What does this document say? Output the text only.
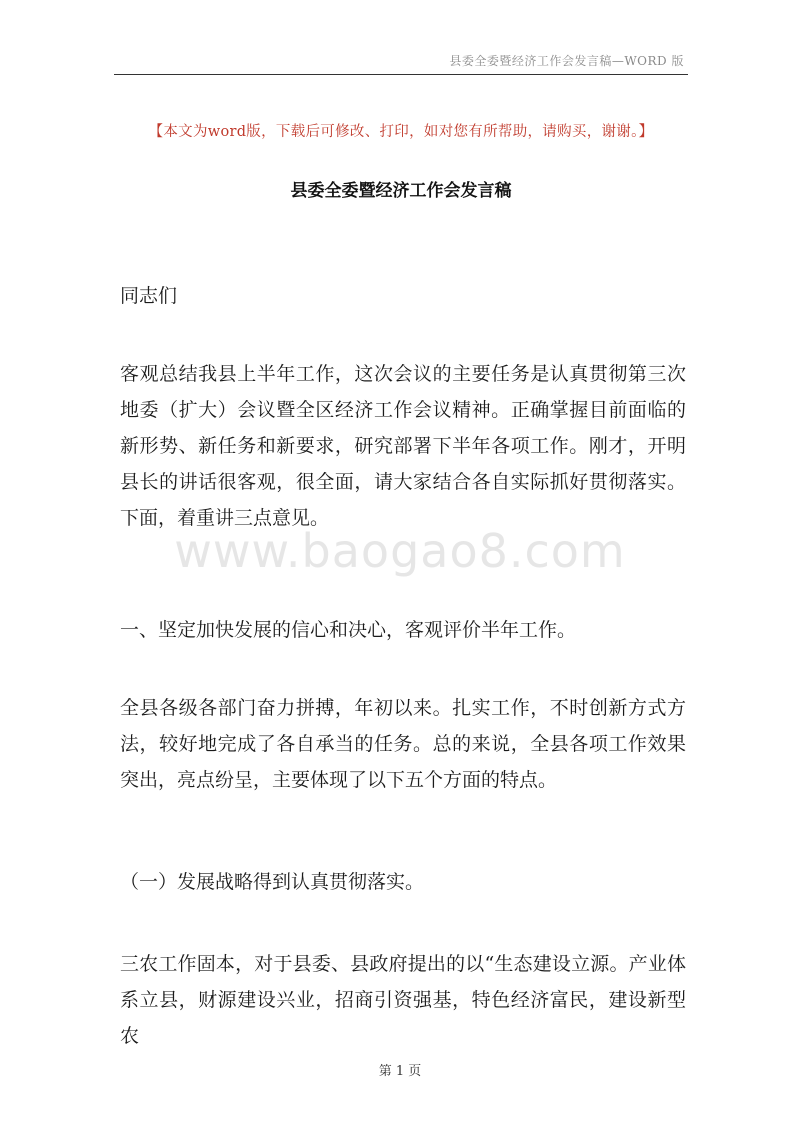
县委全委暨经济工作会发言稿—WORD 版
【本文为word版，下载后可修改、打印，如对您有所帮助，请购买，谢谢。】
县委全委暨经济工作会发言稿

同志们

客观总结我县上半年工作，这次会议的主要任务是认真贯彻第三次地委（扩大）会议暨全区经济工作会议精神。正确掌握目前面临的新形势、新任务和新要求，研究部署下半年各项工作。刚才，开明县长的讲话很客观，很全面，请大家结合各自实际抓好贯彻落实。下面，着重讲三点意见。

www.baogao8.com

一、坚定加快发展的信心和决心，客观评价半年工作。

全县各级各部门奋力拼搏，年初以来。扎实工作，不时创新方式方法，较好地完成了各自承当的任务。总的来说，全县各项工作效果突出，亮点纷呈，主要体现了以下五个方面的特点。

（一）发展战略得到认真贯彻落实。

三农工作固本，对于县委、县政府提出的以“生态建设立源。产业体系立县，财源建设兴业，招商引资强基，特色经济富民，建设新型农

第 1 页
